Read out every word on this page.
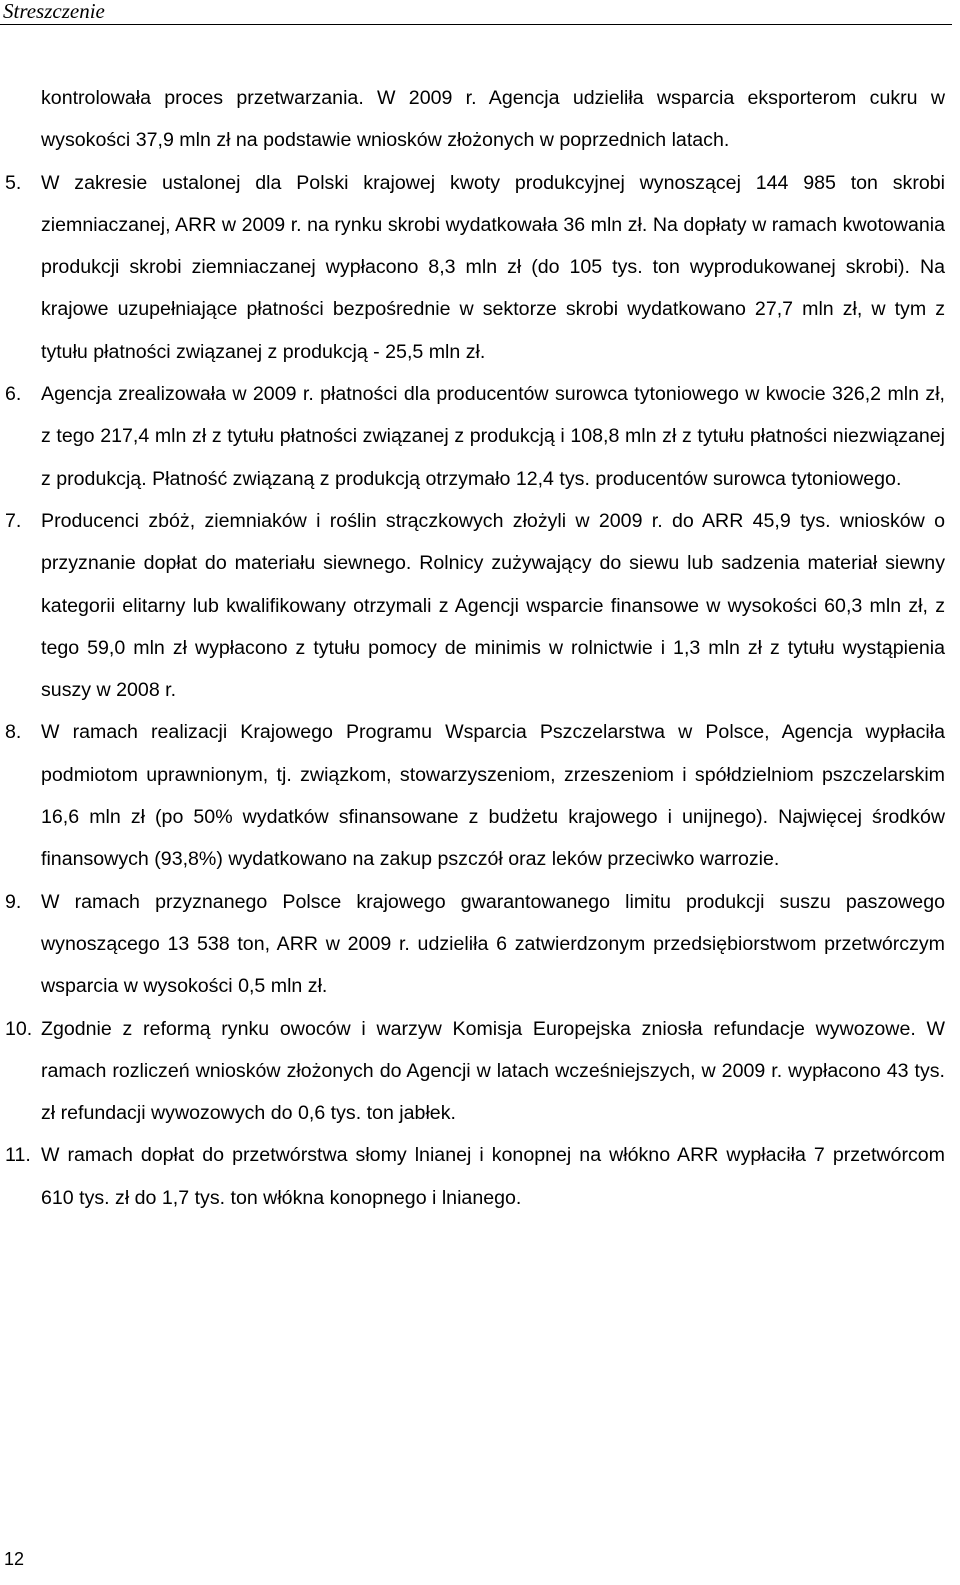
Streszczenie

kontrolowała proces przetwarzania. W 2009 r. Agencja udzieliła wsparcia eksporterom cukru w wysokości 37,9 mln zł na podstawie wniosków złożonych w poprzednich latach.

5.	W zakresie ustalonej dla Polski krajowej kwoty produkcyjnej wynoszącej 144 985 ton skrobi ziemniaczanej, ARR w 2009 r. na rynku skrobi wydatkowała 36 mln zł. Na dopłaty w ramach kwotowania produkcji skrobi ziemniaczanej wypłacono 8,3 mln zł (do 105 tys. ton wyprodukowanej skrobi). Na krajowe uzupełniające płatności bezpośrednie w sektorze skrobi wydatkowano 27,7 mln zł, w tym z tytułu płatności związanej z produkcją - 25,5 mln zł.

6.	Agencja zrealizowała w 2009 r. płatności dla producentów surowca tytoniowego w kwocie 326,2 mln zł, z tego 217,4 mln zł z tytułu płatności związanej z produkcją i 108,8 mln zł z tytułu płatności niezwiązanej z produkcją. Płatność związaną z produkcją otrzymało 12,4 tys. producentów surowca tytoniowego.

7.	Producenci zbóż, ziemniaków i roślin strączkowych złożyli w 2009 r. do ARR 45,9 tys. wniosków o przyznanie dopłat do materiału siewnego. Rolnicy zużywający do siewu lub sadzenia materiał siewny kategorii elitarny lub kwalifikowany otrzymali z Agencji wsparcie finansowe w wysokości 60,3 mln zł, z tego 59,0 mln zł wypłacono z tytułu pomocy de minimis w rolnictwie i 1,3 mln zł z tytułu wystąpienia suszy w 2008 r.

8.	W ramach realizacji Krajowego Programu Wsparcia Pszczelarstwa w Polsce, Agencja wypłaciła podmiotom uprawnionym, tj. związkom, stowarzyszeniom, zrzeszeniom i spółdzielniom pszczelarskim 16,6 mln zł (po 50% wydatków sfinansowane z budżetu krajowego i unijnego). Najwięcej środków finansowych (93,8%) wydatkowano na zakup pszczół oraz leków przeciwko warrozie.

9.	W ramach przyznanego Polsce krajowego gwarantowanego limitu produkcji suszu paszowego wynoszącego 13 538 ton, ARR w 2009 r. udzieliła 6 zatwierdzonym przedsiębiorstwom przetwórczym wsparcia w wysokości 0,5 mln zł.

10. Zgodnie z reformą rynku owoców i warzyw Komisja Europejska zniosła refundacje wywozowe. W ramach rozliczeń wniosków złożonych do Agencji w latach wcześniejszych, w 2009 r. wypłacono 43 tys. zł refundacji wywozowych do 0,6 tys. ton jabłek.

11. W ramach dopłat do przetwórstwa słomy lnianej i konopnej na włókno ARR wypłaciła 7 przetwórcom 610 tys. zł do 1,7 tys. ton włókna konopnego i lnianego.

12
